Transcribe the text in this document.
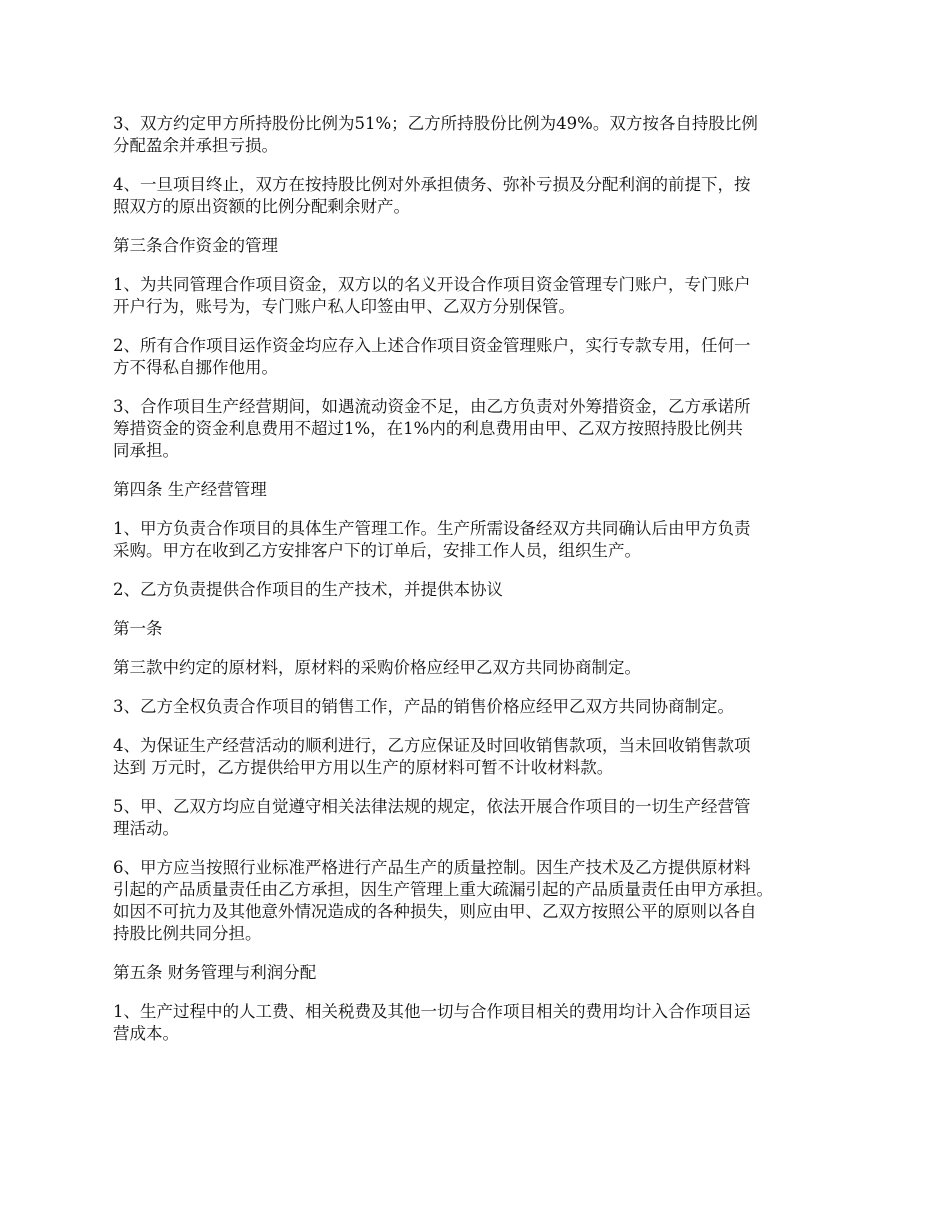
3、双方约定甲方所持股份比例为51%；乙方所持股份比例为49%。双方按各自持股比例
分配盈余并承担亏损。

4、一旦项目终止，双方在按持股比例对外承担债务、弥补亏损及分配利润的前提下，按
照双方的原出资额的比例分配剩余财产。

第三条合作资金的管理

1、为共同管理合作项目资金，双方以的名义开设合作项目资金管理专门账户，专门账户
开户行为，账号为，专门账户私人印签由甲、乙双方分别保管。

2、所有合作项目运作资金均应存入上述合作项目资金管理账户，实行专款专用，任何一
方不得私自挪作他用。

3、合作项目生产经营期间，如遇流动资金不足，由乙方负责对外筹措资金，乙方承诺所
筹措资金的资金利息费用不超过1%，在1%内的利息费用由甲、乙双方按照持股比例共
同承担。

第四条 生产经营管理

1、甲方负责合作项目的具体生产管理工作。生产所需设备经双方共同确认后由甲方负责
采购。甲方在收到乙方安排客户下的订单后，安排工作人员，组织生产。

2、乙方负责提供合作项目的生产技术，并提供本协议

第一条

第三款中约定的原材料，原材料的采购价格应经甲乙双方共同协商制定。

3、乙方全权负责合作项目的销售工作，产品的销售价格应经甲乙双方共同协商制定。

4、为保证生产经营活动的顺利进行，乙方应保证及时回收销售款项，当未回收销售款项
达到 万元时，乙方提供给甲方用以生产的原材料可暂不计收材料款。

5、甲、乙双方均应自觉遵守相关法律法规的规定，依法开展合作项目的一切生产经营管
理活动。

6、甲方应当按照行业标准严格进行产品生产的质量控制。因生产技术及乙方提供原材料
引起的产品质量责任由乙方承担，因生产管理上重大疏漏引起的产品质量责任由甲方承担。
如因不可抗力及其他意外情况造成的各种损失，则应由甲、乙双方按照公平的原则以各自
持股比例共同分担。

第五条 财务管理与利润分配

1、生产过程中的人工费、相关税费及其他一切与合作项目相关的费用均计入合作项目运
营成本。
